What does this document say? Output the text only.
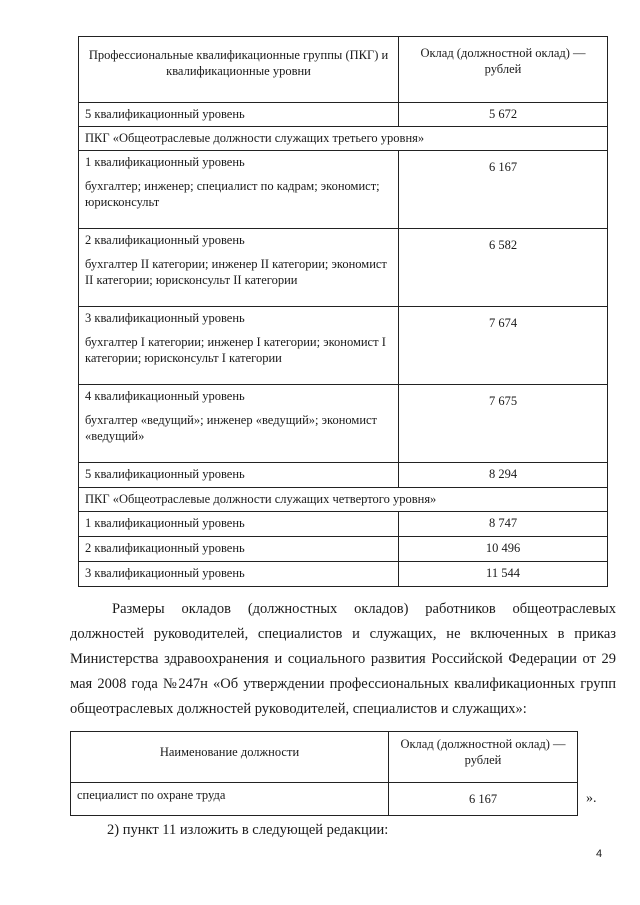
Профессиональные квалификационные группы (ПКГ) и квалификационные уровни	Оклад (должностной оклад) — рублей
5 квалификационный уровень	5 672
ПКГ «Общеотраслевые должности служащих третьего уровня»	
1 квалификационный уровень
бухгалтер; инженер; специалист по кадрам; экономист; юрисконсульт	6 167
2 квалификационный уровень
бухгалтер II категории; инженер II категории; экономист II категории; юрисконсульт II категории	6 582
3 квалификационный уровень
бухгалтер I категории; инженер I категории; экономист I категории; юрисконсульт I категории	7 674
4 квалификационный уровень
бухгалтер «ведущий»; инженер «ведущий»; экономист «ведущий»	7 675
5 квалификационный уровень	8 294
ПКГ «Общеотраслевые должности служащих четвертого уровня»	
1 квалификационный уровень	8 747
2 квалификационный уровень	10 496
3 квалификационный уровень	11 544
Размеры окладов (должностных окладов) работников общеотраслевых должностей руководителей, специалистов и служащих, не включенных в приказ Министерства здравоохранения и социального развития Российской Федерации от 29 мая 2008 года №247н «Об утверждении профессиональных квалификационных групп общеотраслевых должностей руководителей, специалистов и служащих»:
Наименование должности	Оклад (должностной оклад) — рублей
специалист по охране труда	6 167	».
2) пункт 11 изложить в следующей редакции:
4
